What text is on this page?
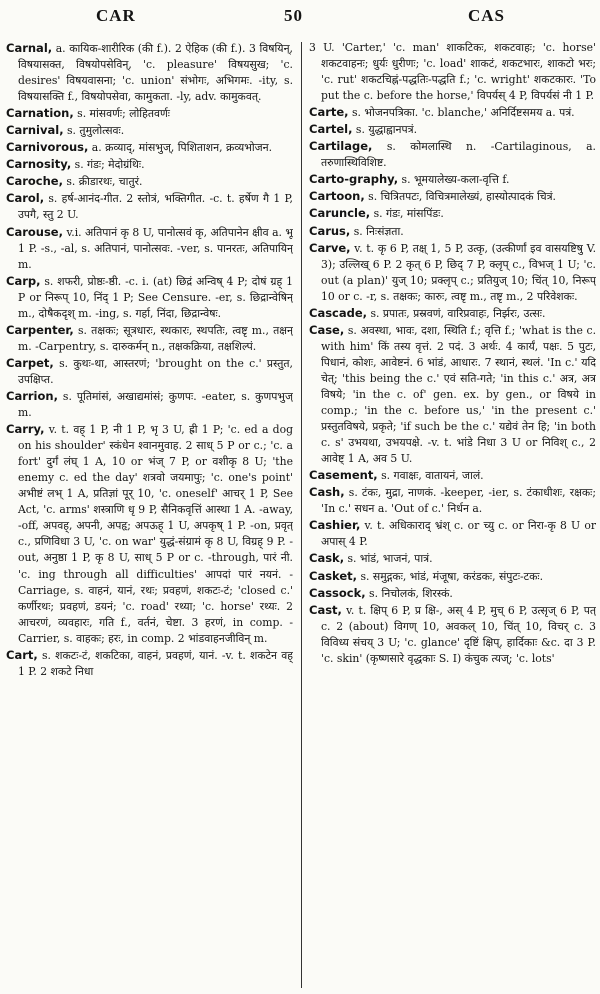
CAR	50	CAS

Carnal, a. कायिक-शारीरिक (की f.). 2 ऐहिक (की f.). 3 विषयिन्, विषयासक्त, विषयोपसेविन्, 'c. pleasure' विषयसुख; 'c. desires' विषयवासना; 'c. union' संभोगः, अभिगमः. -ity, s. विषयासक्ति f., विषयोपसेवा, कामुकता. -ly, adv. कामुकवत्.

Carnation, s. मांसवर्णः; लोहितवर्णः

Carnival, s. तुमुलोत्सवः.

Carnivorous, a. क्रव्याद्, मांसभुज्, पिशिताशन, क्रव्यभोजन.

Carnosity, s. गंडः; मेदोग्रंथिः.

Caroche, s. क्रीडारथः, चातुरं.

Carol, s. हर्ष-आनंद-गीत. 2 स्तोत्रं, भक्तिगीत. -c. t. हर्षेण गै 1 P, उपगै, स्तु 2 U.

Carouse, v.i. अतिपानं कृ 8 U, पानोत्सवं कृ, अतिपानेन क्षीव a. भू 1 P. -s., -al, s. अतिपानं, पानोत्सवः. -ver, s. पानरतः, अतिपायिन् m.

Carp, s. शफरी, प्रोष्ठः-ष्ठी. -c. i. (at) छिद्रं अन्विष् 4 P; दोषं ग्रह् 1 P or निरूप् 10, निंद् 1 P; See Censure. -er, s. छिद्रान्वेषिन् m., दोषैकदृश् m. -ing, s. गर्हा, निंदा, छिद्रान्वेषः.

Carpenter, s. तक्षकः; सूत्रधारः, स्थकारः, स्थपतिः, त्वष्टृ m., तक्षन् m. -Carpentry, s. दारुकर्मन् n., तक्षकक्रिया, तक्षशिल्पं.

Carpet, s. कुथः-था, आस्तरणं; 'brought on the c.' प्रस्तुत, उपक्षिप्त.

Carrion, s. पूतिमांसं, अखाद्यमांसं; कुणपः. -eater, s. कुणपभुज् m.

Carry, v. t. वह् 1 P, नी 1 P, भृ 3 U, ह्री 1 P; 'c. ed a dog on his shoulder' स्कंधेन श्वानमुवाह. 2 साध् 5 P or c.; 'c. a fort' दुर्गं लंघ् 1 A, 10 or भंज् 7 P, or वशीकृ 8 U; 'the enemy c. ed the day' शत्रवो जयमापुः; 'c. one's point' अभीष्टं लभ् 1 A, प्रतिज्ञां पूर् 10, 'c. oneself' आचर् 1 P, See Act, 'c. arms' शस्त्राणि धृ 9 P, सैनिकवृत्तिं आस्था 1 A. -away, -off, अपवह्, अपनी, अपहृ; अपऊह् 1 U, अपकृष् 1 P. -on, प्रवृत् c., प्रणिविधा 3 U, 'c. on war' युद्धं-संग्रामं कृ 8 U, विग्रह् 9 P. -out, अनुष्ठा 1 P, कृ 8 U, साध् 5 P or c. -through, पारं नी. 'c. ing through all difficulties' आपदां पारं नयनं. -Carriage, s. वाहनं, यानं, रथः; प्रवहणं, शकटः-टं; 'closed c.' कर्णीरथः; प्रवहणं, डयनं; 'c. road' रथ्या; 'c. horse' रथ्यः. 2 आचरणं, व्यवहारः, गति f., वर्तनं, चेष्टा. 3 हरणं, in comp. -Carrier, s. वाहकः; हरः, in comp. 2 भांडवाहनजीविन् m.

Cart, s. शकटः-टं, शकटिका, वाहनं, प्रवहणं, यानं. -v. t. शकटेन वह् 1 P. 2 शकटे निधा

3 U. 'Carter,' 'c. man' शाकटिकः, शकटवाहः; 'c. horse' शकटवाहनः; धुर्यः धुरीणः; 'c. load' शाकटं, शकटभारः, शाकटो भरः; 'c. rut' शकटचिह्नं-पद्धतिः-पद्धति f.; 'c. wright' शकटकारः. 'To put the c. before the horse,' विपर्यस् 4 P, विपर्यसं नी 1 P.

Carte, s. भोजनपत्रिका. 'c. blanche,' अनिर्दिष्टसमय a. पत्रं.

Cartel, s. युद्धाह्वानपत्रं.

Cartilage, s. कोमलास्थि n. -Cartilaginous, a. तरुणास्थिविशिष्ट.

Carto-graphy, s. भूमयालेख्य-कला-वृत्ति f.

Cartoon, s. चित्रितपटः, विचित्रमालेख्यं, हास्योत्पादकं चित्रं.

Caruncle, s. गंडः, मांसपिंडः.

Carus, s. निःसंज्ञता.

Carve, v. t. कृ 6 P, तक्ष् 1, 5 P, उत्कृ, (उत्कीर्णां इव वासयष्टिषु V. 3); उल्लिख् 6 P. 2 कृत् 6 P, छिद् 7 P, क्लृप् c., विभज् 1 U; 'c. out (a plan)' युज् 10; प्रक्लृप् c.; प्रतियुज् 10; चिंत् 10, निरूप् 10 or c. -r, s. तक्षकः; कारुः, त्वष्टृ m., तष्टृ m., 2 परिवेशकः.

Cascade, s. प्रपातः, प्रस्रवणं, वारिप्रवाहः, निर्झरः, उत्सः.

Case, s. अवस्था, भावः, दशा, स्थिति f.; वृत्ति f.; 'what is the c. with him' किं तस्य वृत्तं. 2 पदं. 3 अर्थः. 4 कार्यं, पक्षः. 5 पुटः, पिधानं, कोशः, आवेष्टनं. 6 भांडं, आधारः. 7 स्थानं, स्थलं. 'In c.' यदि चेत्; 'this being the c.' एवं सति-गते; 'in this c.' अत्र, अत्र विषये; 'in the c. of' gen. ex. by gen., or विषये in comp.; 'in the c. before us,' 'in the present c.' प्रस्तुतविषये, प्रकृते; 'if such be the c.' यद्येवं तेन हि; 'in both c. s' उभयथा, उभयपक्षे. -v. t. भांडे निधा 3 U or निविश् c., 2 आवेष्ट् 1 A, अव 5 U.

Casement, s. गवाक्षः, वातायनं, जालं.

Cash, s. टंकः, मुद्रा, नाणकं. -keeper, -ier, s. टंकाधीशः, रक्षकः; 'In c.' सधन a. 'Out of c.' निर्धन a.

Cashier, v. t. अधिकाराद् भ्रंश् c. or च्यु c. or निरा-कृ 8 U or अपास् 4 P.

Cask, s. भांडं, भाजनं, पात्रं.

Casket, s. समुद्गकः, भांडं, मंजूषा, करंडकः, संपुटः-टकः.

Cassock, s. निचोलकं, शिरस्कं.

Cast, v. t. क्षिप् 6 P, प्र क्षि-, अस् 4 P, मुच् 6 P, उत्सृज् 6 P, पत् c. 2 (about) विगण् 10, अवकल् 10, चिंत् 10, विचर् c. 3 विविध्य संचय् 3 U; 'c. glance' दृष्टिं क्षिप्, हार्दिकाः &c. दा 3 P. 'c. skin' (कृष्णसारे वृद्धकाः S. I) कंचुक त्यज्; 'c. lots'
